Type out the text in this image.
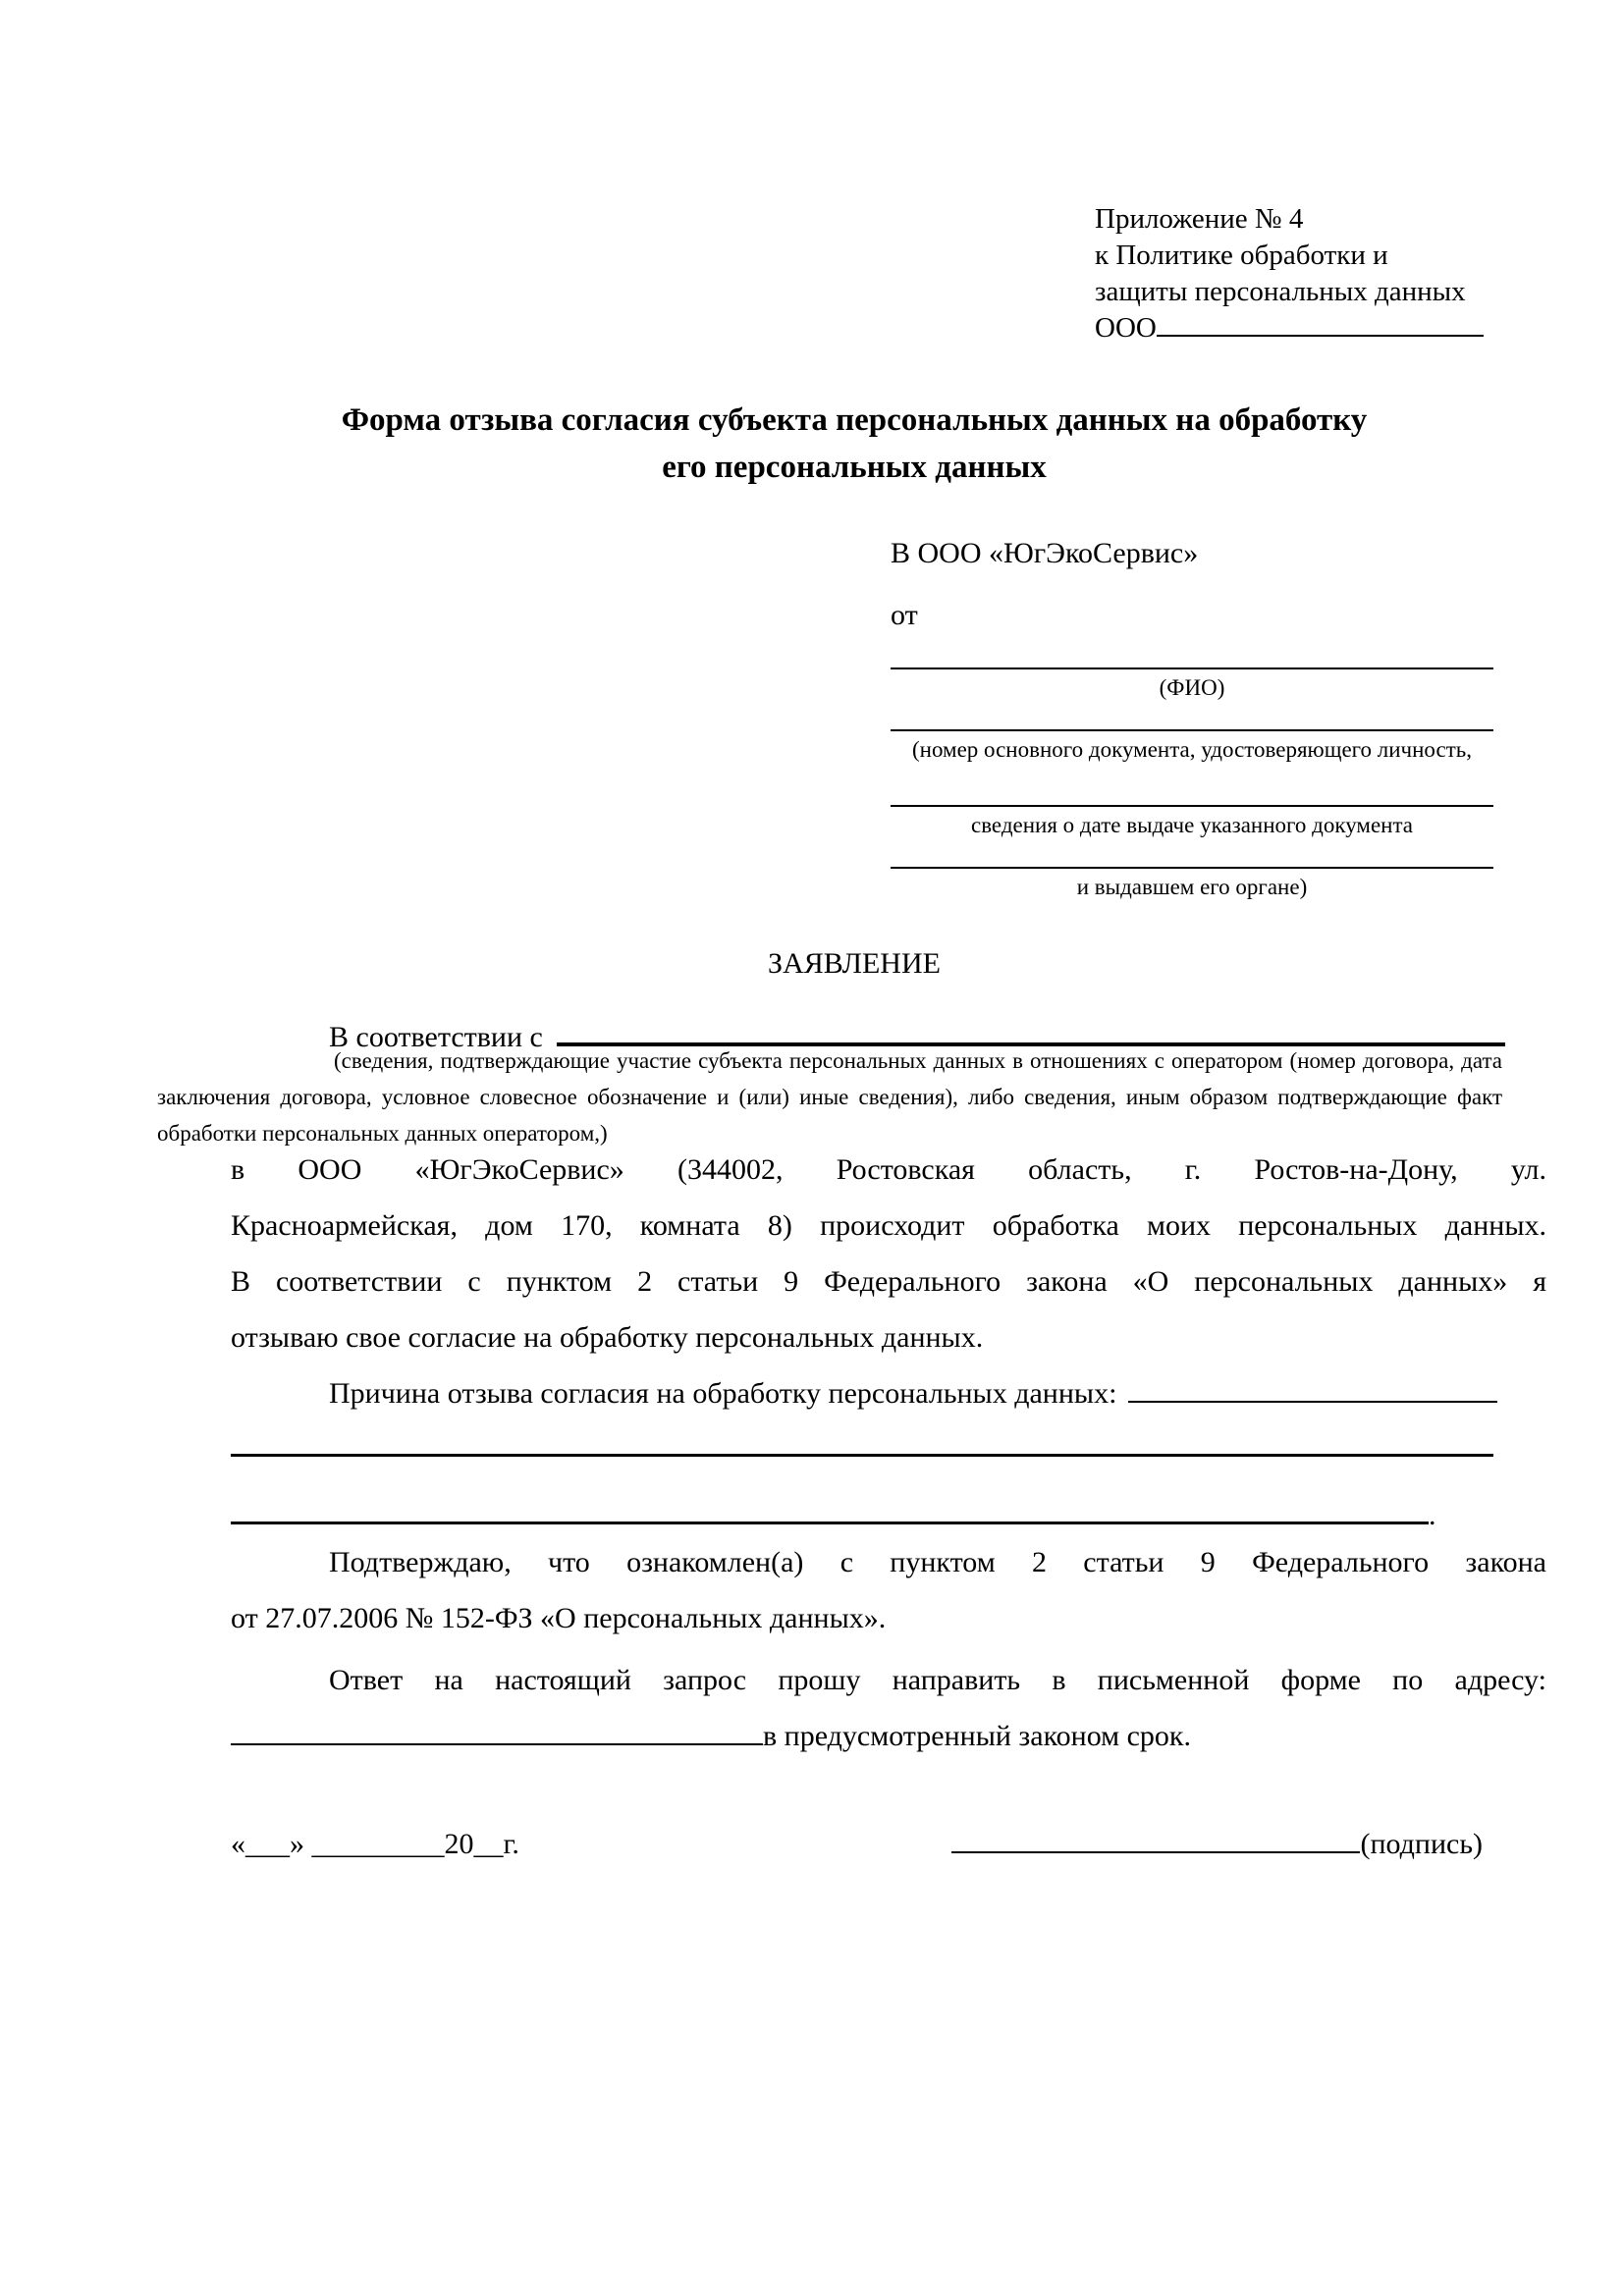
Приложение № 4
к Политике обработки и
защиты персональных данных
ООО
Форма отзыва согласия субъекта персональных данных на обработку
его персональных данных
В ООО «ЮгЭкоСервис»
от
(ФИО)
(номер основного документа, удостоверяющего личность,
сведения о дате выдаче указанного документа
и выдавшем его органе)
ЗАЯВЛЕНИЕ
В соответствии с
(сведения, подтверждающие участие субъекта персональных данных в отношениях с оператором (номер договора, дата
заключения договора, условное словесное обозначение и (или) иные сведения), либо сведения, иным образом подтверждающие факт
обработки персональных данных оператором,)
в ООО «ЮгЭкоСервис» (344002, Ростовская область, г. Ростов-на-Дону, ул.
Красноармейская, дом 170, комната 8) происходит обработка моих персональных данных.
В соответствии с пунктом 2 статьи 9 Федерального закона «О персональных данных» я
отзываю свое согласие на обработку персональных данных.
Причина отзыва согласия на обработку персональных данных:
.
Подтверждаю, что ознакомлен(а) с пунктом 2 статьи 9 Федерального закона
от 27.07.2006 № 152-ФЗ «О персональных данных».
Ответ на настоящий запрос прошу направить в письменной форме по адресу:
в предусмотренный законом срок.
«___» _________20__г.	(подпись)
